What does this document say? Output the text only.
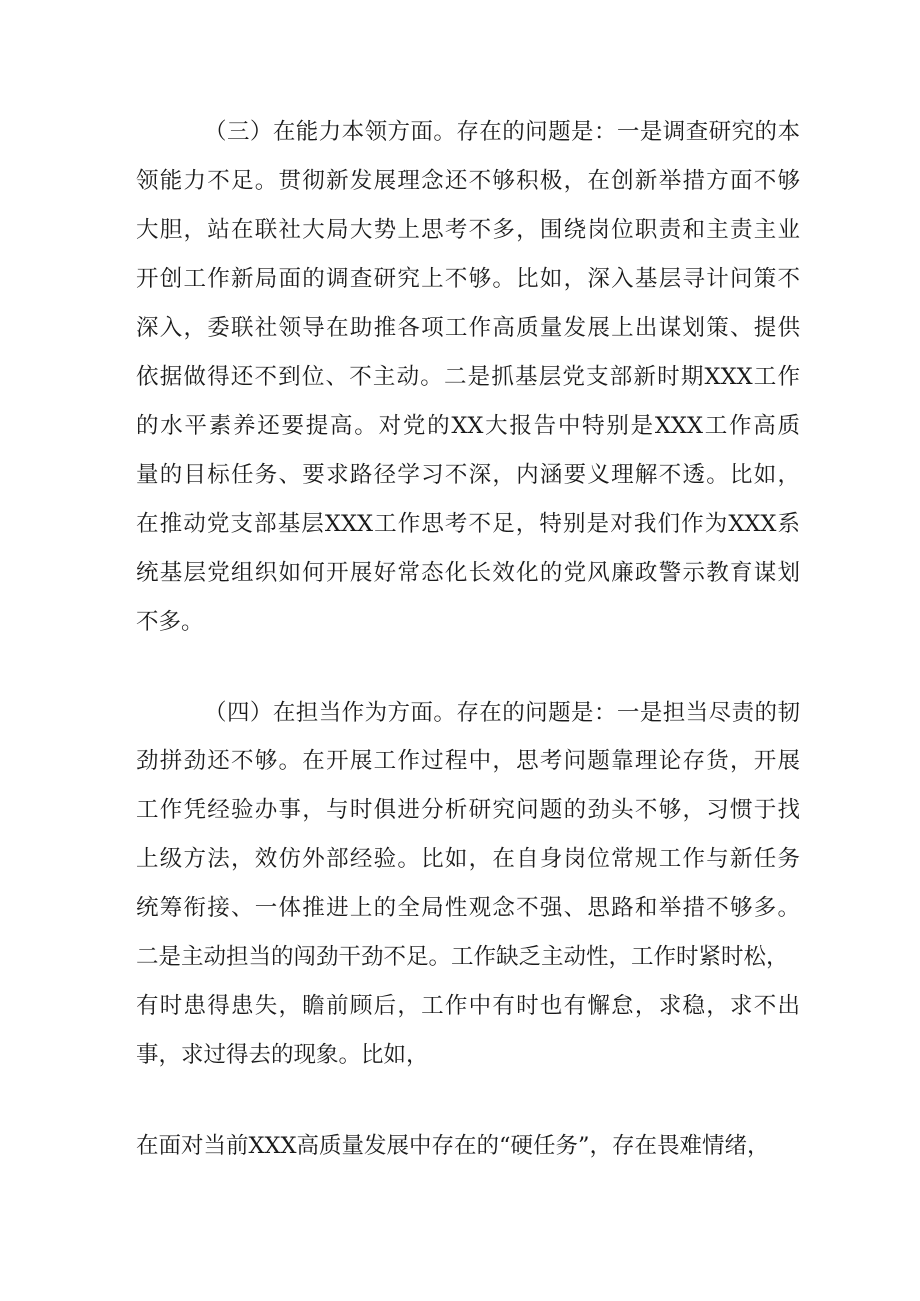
（三）在能力本领方面。存在的问题是：一是调查研究的本
领能力不足。贯彻新发展理念还不够积极，在创新举措方面不够
大胆，站在联社大局大势上思考不多，围绕岗位职责和主责主业
开创工作新局面的调查研究上不够。比如，深入基层寻计问策不
深入，委联社领导在助推各项工作高质量发展上出谋划策、提供
依据做得还不到位、不主动。二是抓基层党支部新时期XXX工作
的水平素养还要提高。对党的XX大报告中特别是XXX工作高质
量的目标任务、要求路径学习不深，内涵要义理解不透。比如，
在推动党支部基层XXX工作思考不足，特别是对我们作为XXX系
统基层党组织如何开展好常态化长效化的党风廉政警示教育谋划
不多。
（四）在担当作为方面。存在的问题是：一是担当尽责的韧
劲拼劲还不够。在开展工作过程中，思考问题靠理论存货，开展
工作凭经验办事，与时俱进分析研究问题的劲头不够，习惯于找
上级方法，效仿外部经验。比如，在自身岗位常规工作与新任务
统筹衔接、一体推进上的全局性观念不强、思路和举措不够多。
二是主动担当的闯劲干劲不足。工作缺乏主动性，工作时紧时松，
有时患得患失，瞻前顾后，工作中有时也有懈怠，求稳，求不出
事，求过得去的现象。比如，
在面对当前XXX高质量发展中存在的“硬任务”，存在畏难情绪，
